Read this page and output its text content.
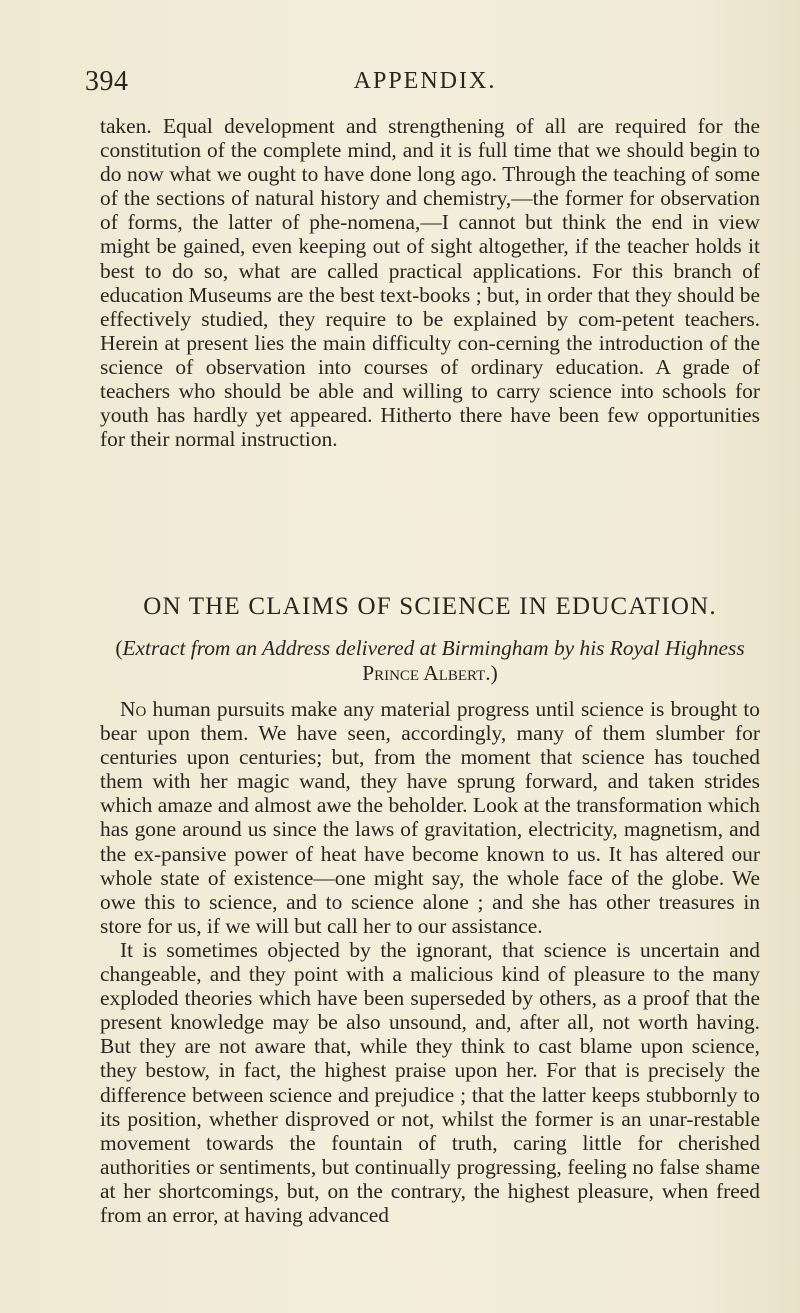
394	APPENDIX.

taken. Equal development and strengthening of all are required for the constitution of the complete mind, and it is full time that we should begin to do now what we ought to have done long ago. Through the teaching of some of the sections of natural history and chemistry,—the former for observation of forms, the latter of phe-nomena,—I cannot but think the end in view might be gained, even keeping out of sight altogether, if the teacher holds it best to do so, what are called practical applications. For this branch of education Museums are the best text-books ; but, in order that they should be effectively studied, they require to be explained by com-petent teachers. Herein at present lies the main difficulty con-cerning the introduction of the science of observation into courses of ordinary education. A grade of teachers who should be able and willing to carry science into schools for youth has hardly yet appeared. Hitherto there have been few opportunities for their normal instruction.

ON THE CLAIMS OF SCIENCE IN EDUCATION.
(Extract from an Address delivered at Birmingham by his Royal Highness Prince Albert.)

No human pursuits make any material progress until science is brought to bear upon them. We have seen, accordingly, many of them slumber for centuries upon centuries; but, from the moment that science has touched them with her magic wand, they have sprung forward, and taken strides which amaze and almost awe the beholder. Look at the transformation which has gone around us since the laws of gravitation, electricity, magnetism, and the ex-pansive power of heat have become known to us. It has altered our whole state of existence—one might say, the whole face of the globe. We owe this to science, and to science alone ; and she has other treasures in store for us, if we will but call her to our assistance.

It is sometimes objected by the ignorant, that science is uncertain and changeable, and they point with a malicious kind of pleasure to the many exploded theories which have been superseded by others, as a proof that the present knowledge may be also unsound, and, after all, not worth having. But they are not aware that, while they think to cast blame upon science, they bestow, in fact, the highest praise upon her. For that is precisely the difference between science and prejudice ; that the latter keeps stubbornly to its position, whether disproved or not, whilst the former is an unar-restable movement towards the fountain of truth, caring little for cherished authorities or sentiments, but continually progressing, feeling no false shame at her shortcomings, but, on the contrary, the highest pleasure, when freed from an error, at having advanced
